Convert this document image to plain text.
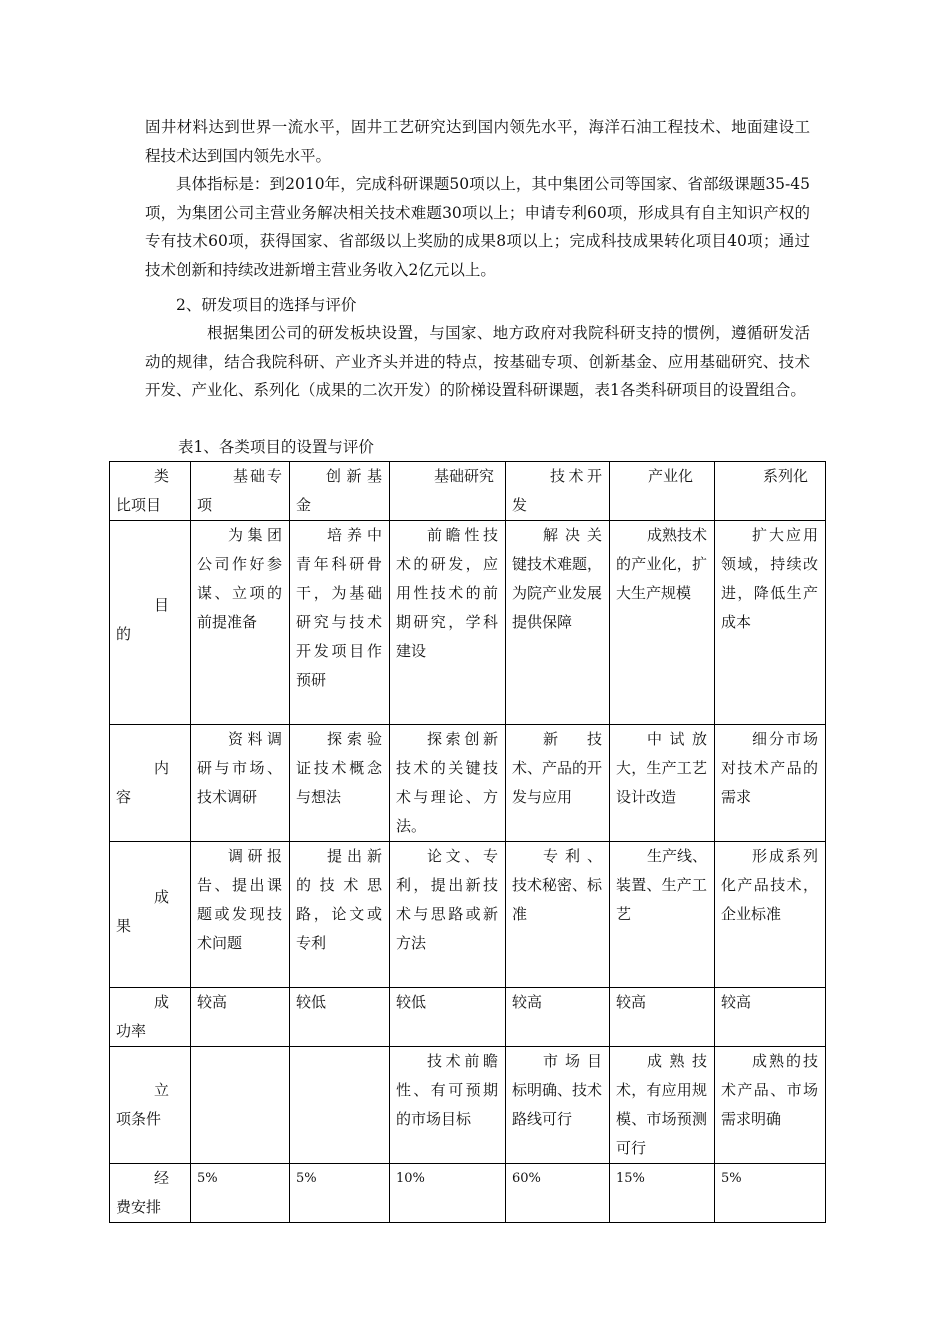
固井材料达到世界一流水平，固井工艺研究达到国内领先水平，海洋石油工程技术、地面建设工程技术达到国内领先水平。

具体指标是：到2010年，完成科研课题50项以上，其中集团公司等国家、省部级课题35-45项，为集团公司主营业务解决相关技术难题30项以上；申请专利60项，形成具有自主知识产权的专有技术60项，获得国家、省部级以上奖励的成果8项以上；完成科技成果转化项目40项；通过技术创新和持续改进新增主营业务收入2亿元以上。

2、研发项目的选择与评价

根据集团公司的研发板块设置，与国家、地方政府对我院科研支持的惯例，遵循研发活动的规律，结合我院科研、产业齐头并进的特点，按基础专项、创新基金、应用基础研究、技术开发、产业化、系列化（成果的二次开发）的阶梯设置科研课题，表1各类科研项目的设置组合。

表1、各类项目的设置与评价

类
比项目	基础专项	创新基金	基础研究	技术开发	产业化	系列化

目
的	为集团公司作好参谋、立项的前提准备	培养中青年科研骨干，为基础研究与技术开发项目作预研	前瞻性技术的研发，应用性技术的前期研究，学科建设	解决关键技术难题，为院产业发展提供保障	成熟技术的产业化，扩大生产规模	扩大应用领域，持续改进，降低生产成本

内
容	资料调研与市场、技术调研	探索验证技术概念与想法	探索创新技术的关键技术与理论、方法。	新技术、产品的开发与应用	中试放大，生产工艺设计改造	细分市场对技术产品的需求

成
果	调研报告、提出课题或发现技术问题	提出新的技术思路，论文或专利	论文、专利，提出新技术与思路或新方法	专利、技术秘密、标准	生产线、装置、生产工艺	形成系列化产品技术，企业标准

成
功率	较高	较低	较低	较高	较高	较高

立
项条件			技术前瞻性、有可预期的市场目标	市场目标明确、技术路线可行	成熟技术，有应用规模、市场预测可行	成熟的技术产品、市场需求明确

经
费安排	5%	5%	10%	60%	15%	5%
